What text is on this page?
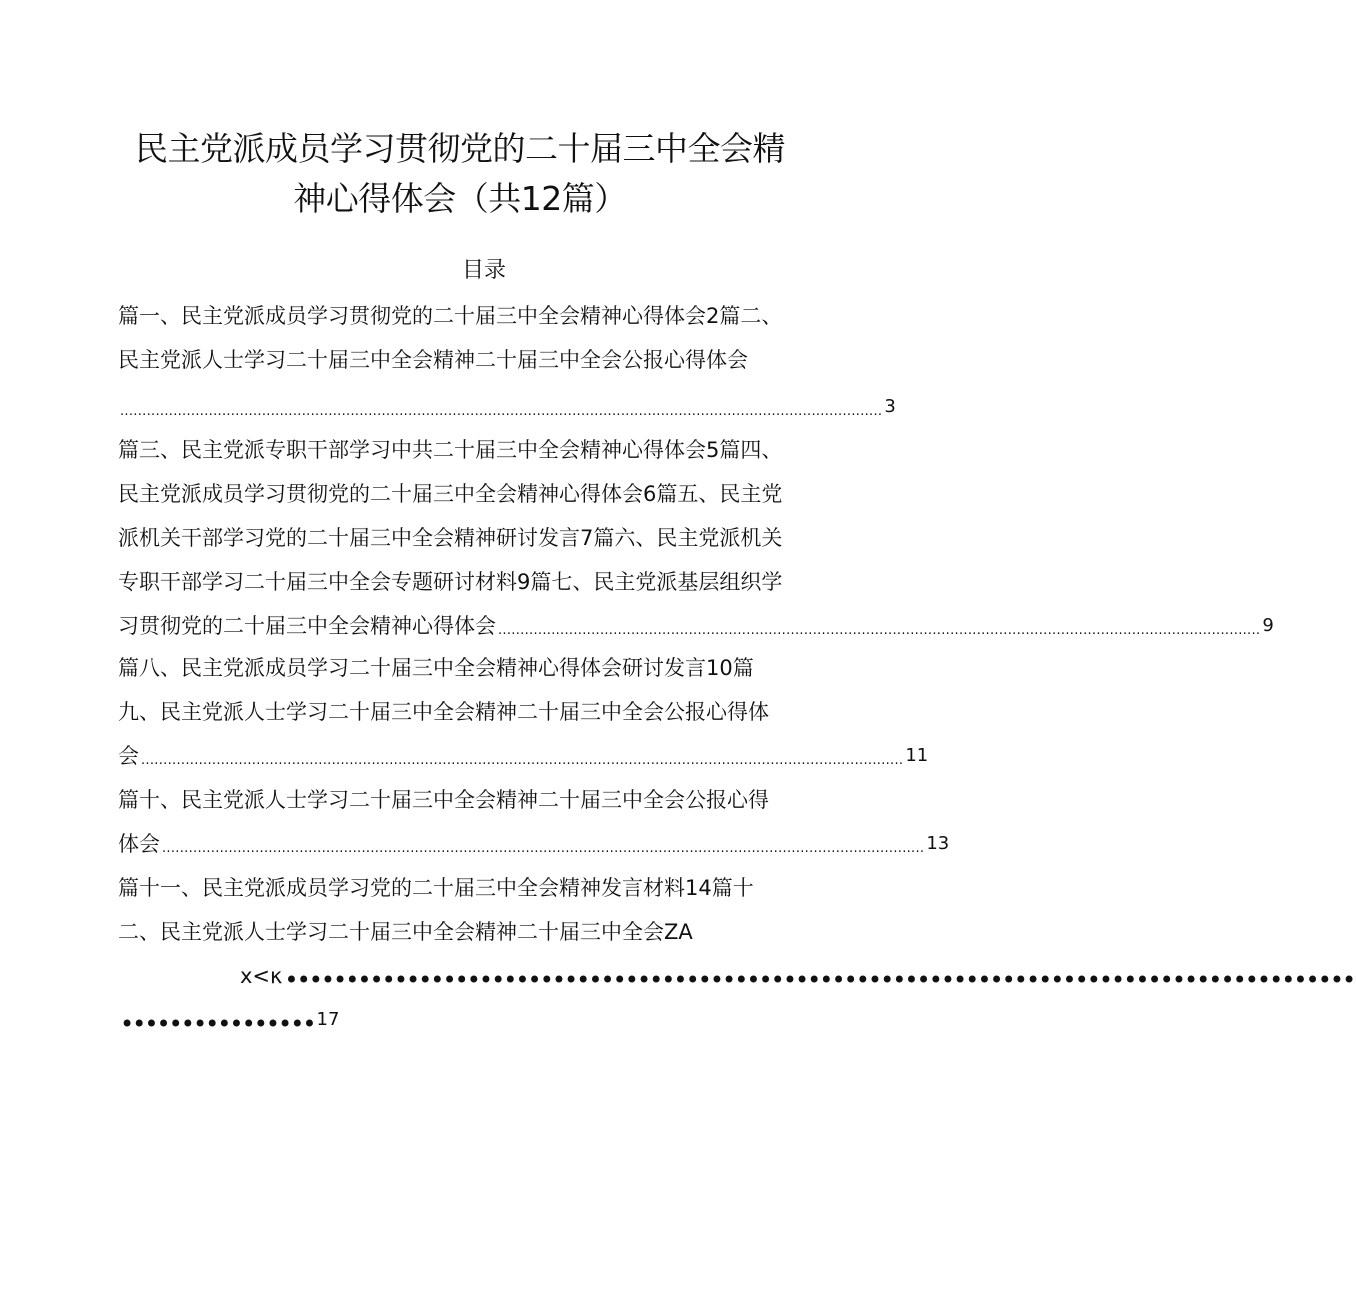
民主党派成员学习贯彻党的二十届三中全会精
神心得体会（共12篇）
目录
篇一、民主党派成员学习贯彻党的二十届三中全会精神心得体会2篇二、
民主党派人士学习二十届三中全会精神二十届三中全会公报心得体会
............................................................................................................................................................................ 3
篇三、民主党派专职干部学习中共二十届三中全会精神心得体会5篇四、
民主党派成员学习贯彻党的二十届三中全会精神心得体会6篇五、民主党
派机关干部学习党的二十届三中全会精神研讨发言7篇六、民主党派机关
专职干部学习二十届三中全会专题研讨材料9篇七、民主党派基层组织学
习贯彻党的二十届三中全会精神心得体会 ............................................................................................................................................................................ 9
篇八、民主党派成员学习二十届三中全会精神心得体会研讨发言10篇
九、民主党派人士学习二十届三中全会精神二十届三中全会公报心得体
会 ............................................................................................................................................................................ 11
篇十、民主党派人士学习二十届三中全会精神二十届三中全会公报心得
体会 ............................................................................................................................................................................ 13
篇十一、民主党派成员学习党的二十届三中全会精神发言材料14篇十
二、民主党派人士学习二十届三中全会精神二十届三中全会ZA
x<κ ••••••••••••••••••••••••••••••••••••••••••••••••••••••••••••••••••••••••••••••••••••••••
•••••••••••••••• 17
